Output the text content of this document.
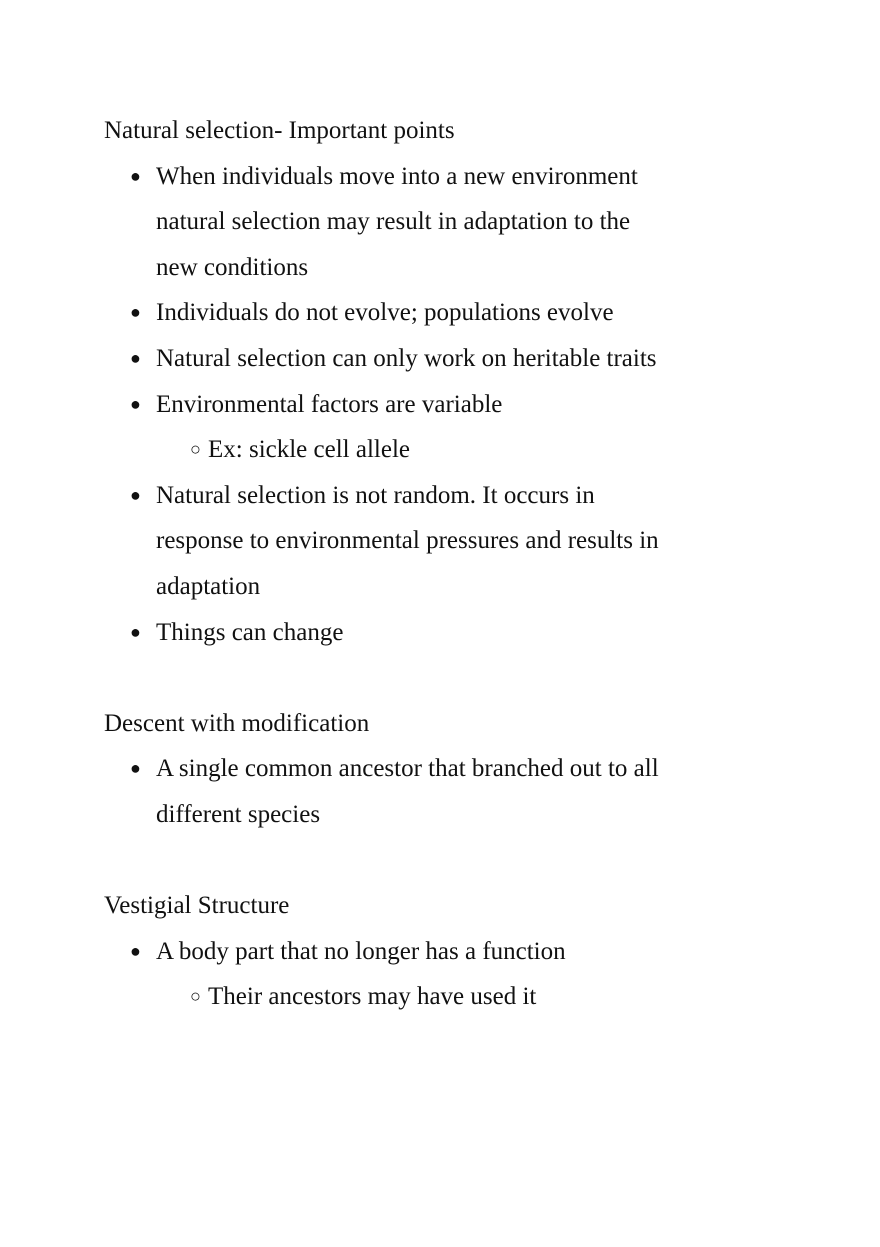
Natural selection- Important points

● When individuals move into a new environment natural selection may result in adaptation to the new conditions
● Individuals do not evolve; populations evolve
● Natural selection can only work on heritable traits
● Environmental factors are variable
○ Ex: sickle cell allele
● Natural selection is not random. It occurs in response to environmental pressures and results in adaptation
● Things can change

Descent with modification

● A single common ancestor that branched out to all different species

Vestigial Structure

● A body part that no longer has a function
○ Their ancestors may have used it
